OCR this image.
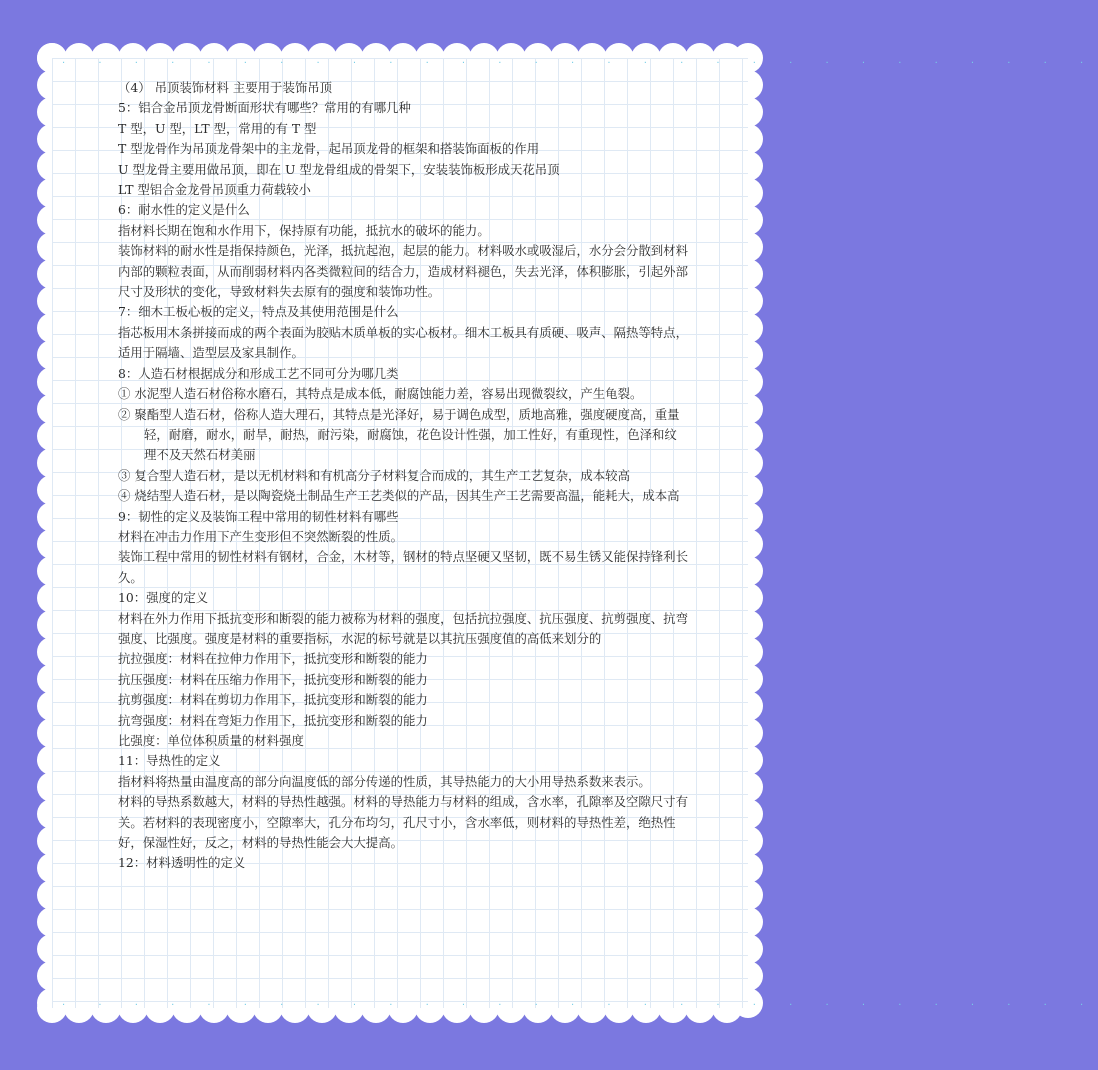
· · · · · · · · · · · · · · · · · · · · · · · · · · · · ·
· · · · · · · · · · · · · · · · · · · · · · · · · · · · ·

（4） 吊顶装饰材料 主要用于装饰吊顶

5：铝合金吊顶龙骨断面形状有哪些？常用的有哪几种

T 型，U 型，LT 型，常用的有 T 型

T 型龙骨作为吊顶龙骨架中的主龙骨，起吊顶龙骨的框架和搭装饰面板的作用

U 型龙骨主要用做吊顶，即在 U 型龙骨组成的骨架下，安装装饰板形成天花吊顶

LT 型铝合金龙骨吊顶重力荷载较小

6：耐水性的定义是什么

指材料长期在饱和水作用下，保持原有功能，抵抗水的破坏的能力。

装饰材料的耐水性是指保持颜色，光泽，抵抗起泡，起层的能力。材料吸水或吸湿后，水分会分散到材料内部的颗粒表面，从而削弱材料内各类微粒间的结合力，造成材料褪色，失去光泽，体积膨胀，引起外部尺寸及形状的变化，导致材料失去原有的强度和装饰功性。

7：细木工板心板的定义，特点及其使用范围是什么

指芯板用木条拼接而成的两个表面为胶贴木质单板的实心板材。细木工板具有质硬、吸声、隔热等特点，适用于隔墙、造型层及家具制作。

8：人造石材根据成分和形成工艺不同可分为哪几类

① 水泥型人造石材俗称水磨石，其特点是成本低，耐腐蚀能力差，容易出现微裂纹，产生龟裂。

② 聚酯型人造石材，俗称人造大理石，其特点是光泽好，易于调色成型，质地高雅，强度硬度高，重量轻，耐磨，耐水，耐旱，耐热，耐污染，耐腐蚀，花色设计性强，加工性好，有重现性，色泽和纹理不及天然石材美丽

③ 复合型人造石材，是以无机材料和有机高分子材料复合而成的，其生产工艺复杂，成本较高

④ 烧结型人造石材，是以陶瓷烧土制品生产工艺类似的产品，因其生产工艺需要高温，能耗大，成本高

9：韧性的定义及装饰工程中常用的韧性材料有哪些

材料在冲击力作用下产生变形但不突然断裂的性质。

装饰工程中常用的韧性材料有钢材，合金，木材等，钢材的特点坚硬又坚韧，既不易生锈又能保持锋利长久。

10：强度的定义

材料在外力作用下抵抗变形和断裂的能力被称为材料的强度，包括抗拉强度、抗压强度、抗剪强度、抗弯强度、比强度。强度是材料的重要指标，水泥的标号就是以其抗压强度值的高低来划分的

抗拉强度：材料在拉伸力作用下，抵抗变形和断裂的能力

抗压强度：材料在压缩力作用下，抵抗变形和断裂的能力

抗剪强度：材料在剪切力作用下，抵抗变形和断裂的能力

抗弯强度：材料在弯矩力作用下，抵抗变形和断裂的能力

比强度：单位体积质量的材料强度

11：导热性的定义

指材料将热量由温度高的部分向温度低的部分传递的性质，其导热能力的大小用导热系数来表示。

材料的导热系数越大，材料的导热性越强。材料的导热能力与材料的组成，含水率，孔隙率及空隙尺寸有关。若材料的表现密度小，空隙率大，孔分布均匀，孔尺寸小，含水率低，则材料的导热性差，绝热性好，保湿性好，反之，材料的导热性能会大大提高。

12：材料透明性的定义
